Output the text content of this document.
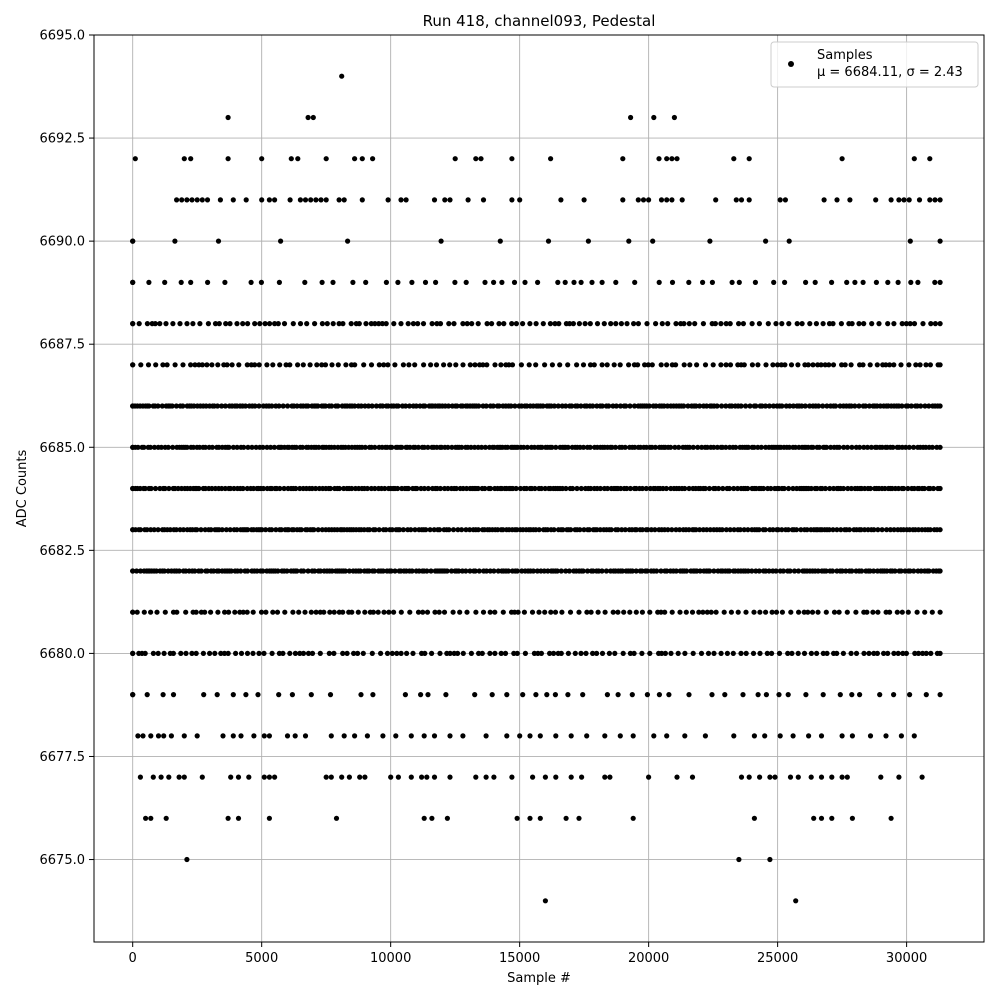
0	5000	10000	15000	20000	25000	30000
6675.0
6677.5
6680.0
6682.5
6685.0
6687.5
6690.0
6692.5
6695.0
Run 418, channel093, Pedestal
Sample #
ADC Counts
Samples
μ = 6684.11, σ = 2.43
